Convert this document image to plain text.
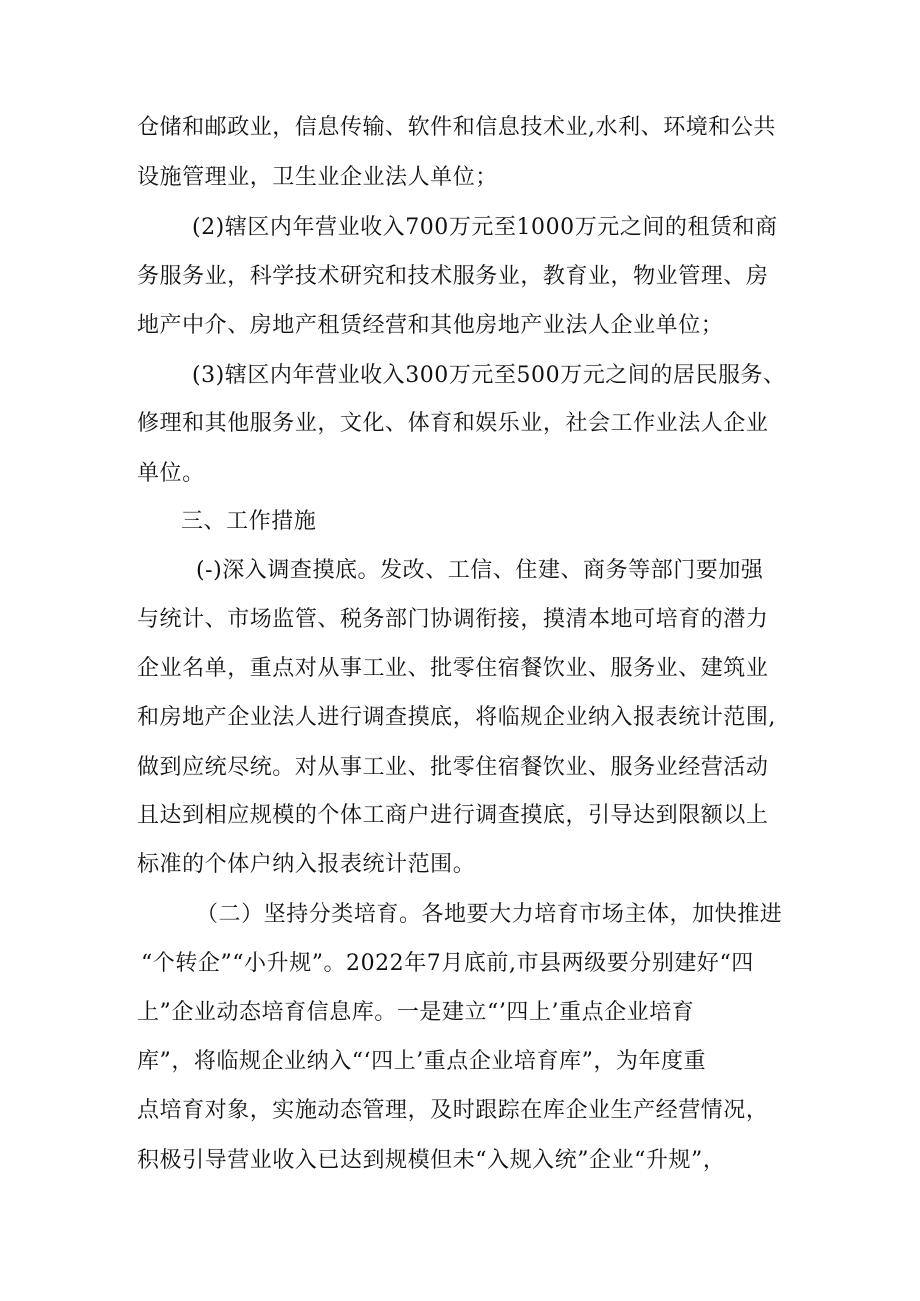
仓储和邮政业，信息传输、软件和信息技术业,水利、环境和公共

设施管理业，卫生业企业法人单位；

(2)辖区内年营业收入700万元至1000万元之间的租赁和商

务服务业，科学技术研究和技术服务业，教育业，物业管理、房

地产中介、房地产租赁经营和其他房地产业法人企业单位；

(3)辖区内年营业收入300万元至500万元之间的居民服务、

修理和其他服务业，文化、体育和娱乐业，社会工作业法人企业

单位。

三、工作措施

(-)深入调查摸底。发改、工信、住建、商务等部门要加强

与统计、市场监管、税务部门协调衔接，摸清本地可培育的潜力

企业名单，重点对从事工业、批零住宿餐饮业、服务业、建筑业

和房地产企业法人进行调查摸底，将临规企业纳入报表统计范围,

做到应统尽统。对从事工业、批零住宿餐饮业、服务业经营活动

且达到相应规模的个体工商户进行调查摸底，引导达到限额以上

标准的个体户纳入报表统计范围。

（二）坚持分类培育。各地要大力培育市场主体，加快推进

“个转企”“小升规”。2022年7月底前,市县两级要分别建好“四

上”企业动态培育信息库。一是建立“’四上’重点企业培育

库”，将临规企业纳入“‘四上’重点企业培育库”，为年度重

点培育对象，实施动态管理，及时跟踪在库企业生产经营情况，

积极引导营业收入已达到规模但未“入规入统”企业“升规”，
